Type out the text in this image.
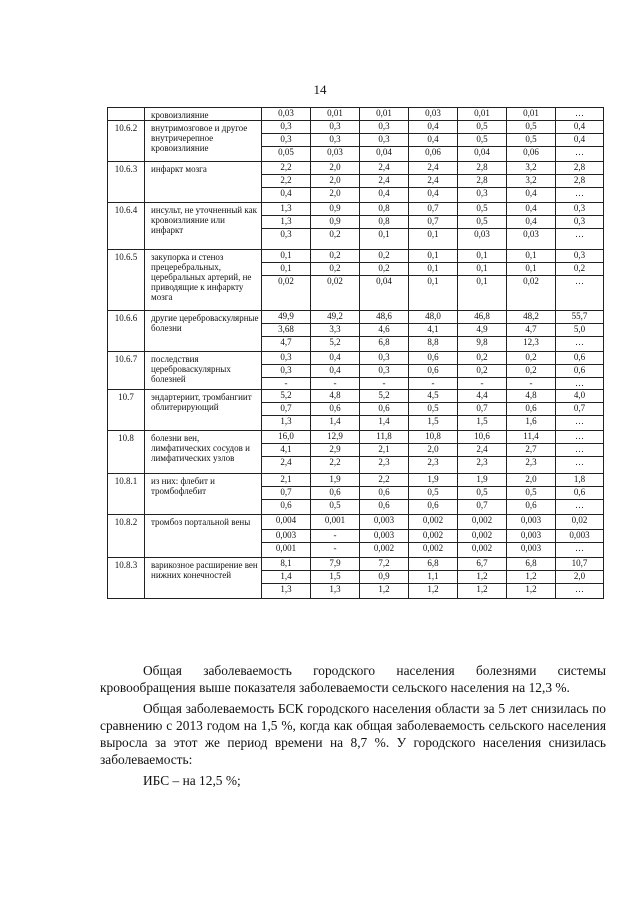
14
	кровоизлияние	0,03	0,01	0,01	0,03	0,01	0,01	…
10.6.2	внутримозговое и другое внутричерепное кровоизлияние	0,3	0,3	0,3	0,4	0,5	0,5	0,4
		0,3	0,3	0,3	0,4	0,5	0,5	0,4
		0,05	0,03	0,04	0,06	0,04	0,06	…
10.6.3	инфаркт мозга	2,2	2,0	2,4	2,4	2,8	3,2	2,8
		2,2	2,0	2,4	2,4	2,8	3,2	2,8
		0,4	2,0	0,4	0,4	0,3	0,4	…
10.6.4	инсульт, не уточненный как кровоизлияние или инфаркт	1,3	0,9	0,8	0,7	0,5	0,4	0,3
		1,3	0,9	0,8	0,7	0,5	0,4	0,3
		0,3	0,2	0,1	0,1	0,03	0,03	…
10.6.5	закупорка и стеноз прецеребральных, церебральных артерий, не приводящие к инфаркту мозга	0,1	0,2	0,2	0,1	0,1	0,1	0,3
		0,1	0,2	0,2	0,1	0,1	0,1	0,2
		0,02	0,02	0,04	0,1	0,1	0,02	…
10.6.6	другие цереброваскулярные болезни	49,9	49,2	48,6	48,0	46,8	48,2	55,7
		3,68	3,3	4,6	4,1	4,9	4,7	5,0
		4,7	5,2	6,8	8,8	9,8	12,3	…
10.6.7	последствия цереброваскулярных болезней	0,3	0,4	0,3	0,6	0,2	0,2	0,6
		0,3	0,4	0,3	0,6	0,2	0,2	0,6
		-	-	-	-	-	-	…
10.7	эндартериит, тромбангиит облитерирующий	5,2	4,8	5,2	4,5	4,4	4,8	4,0
		0,7	0,6	0,6	0,5	0,7	0,6	0,7
		1,3	1,4	1,4	1,5	1,5	1,6	…
10.8	болезни вен, лимфатических сосудов и лимфатических узлов	16,0	12,9	11,8	10,8	10,6	11,4	…
		4,1	2,9	2,1	2,0	2,4	2,7	…
		2,4	2,2	2,3	2,3	2,3	2,3	…
10.8.1	из них: флебит и тромбофлебит	2,1	1,9	2,2	1,9	1,9	2,0	1,8
		0,7	0,6	0,6	0,5	0,5	0,5	0,6
		0,6	0,5	0,6	0,6	0,7	0,6	…
10.8.2	тромбоз портальной вены	0,004	0,001	0,003	0,002	0,002	0,003	0,02
		0,003	-	0,003	0,002	0,002	0,003	0,003
		0,001	-	0,002	0,002	0,002	0,003	…
10.8.3	варикозное расширение вен нижних конечностей	8,1	7,9	7,2	6,8	6,7	6,8	10,7
		1,4	1,5	0,9	1,1	1,2	1,2	2,0
		1,3	1,3	1,2	1,2	1,2	1,2	…

Общая заболеваемость городского населения болезнями системы кровообращения выше показателя заболеваемости сельского населения на 12,3 %.

Общая заболеваемость БСК городского населения области за 5 лет снизилась по сравнению с 2013 годом на 1,5 %, когда как общая заболеваемость сельского населения выросла за этот же период времени на 8,7 %. У городского населения снизилась заболеваемость:

ИБС – на 12,5 %;
